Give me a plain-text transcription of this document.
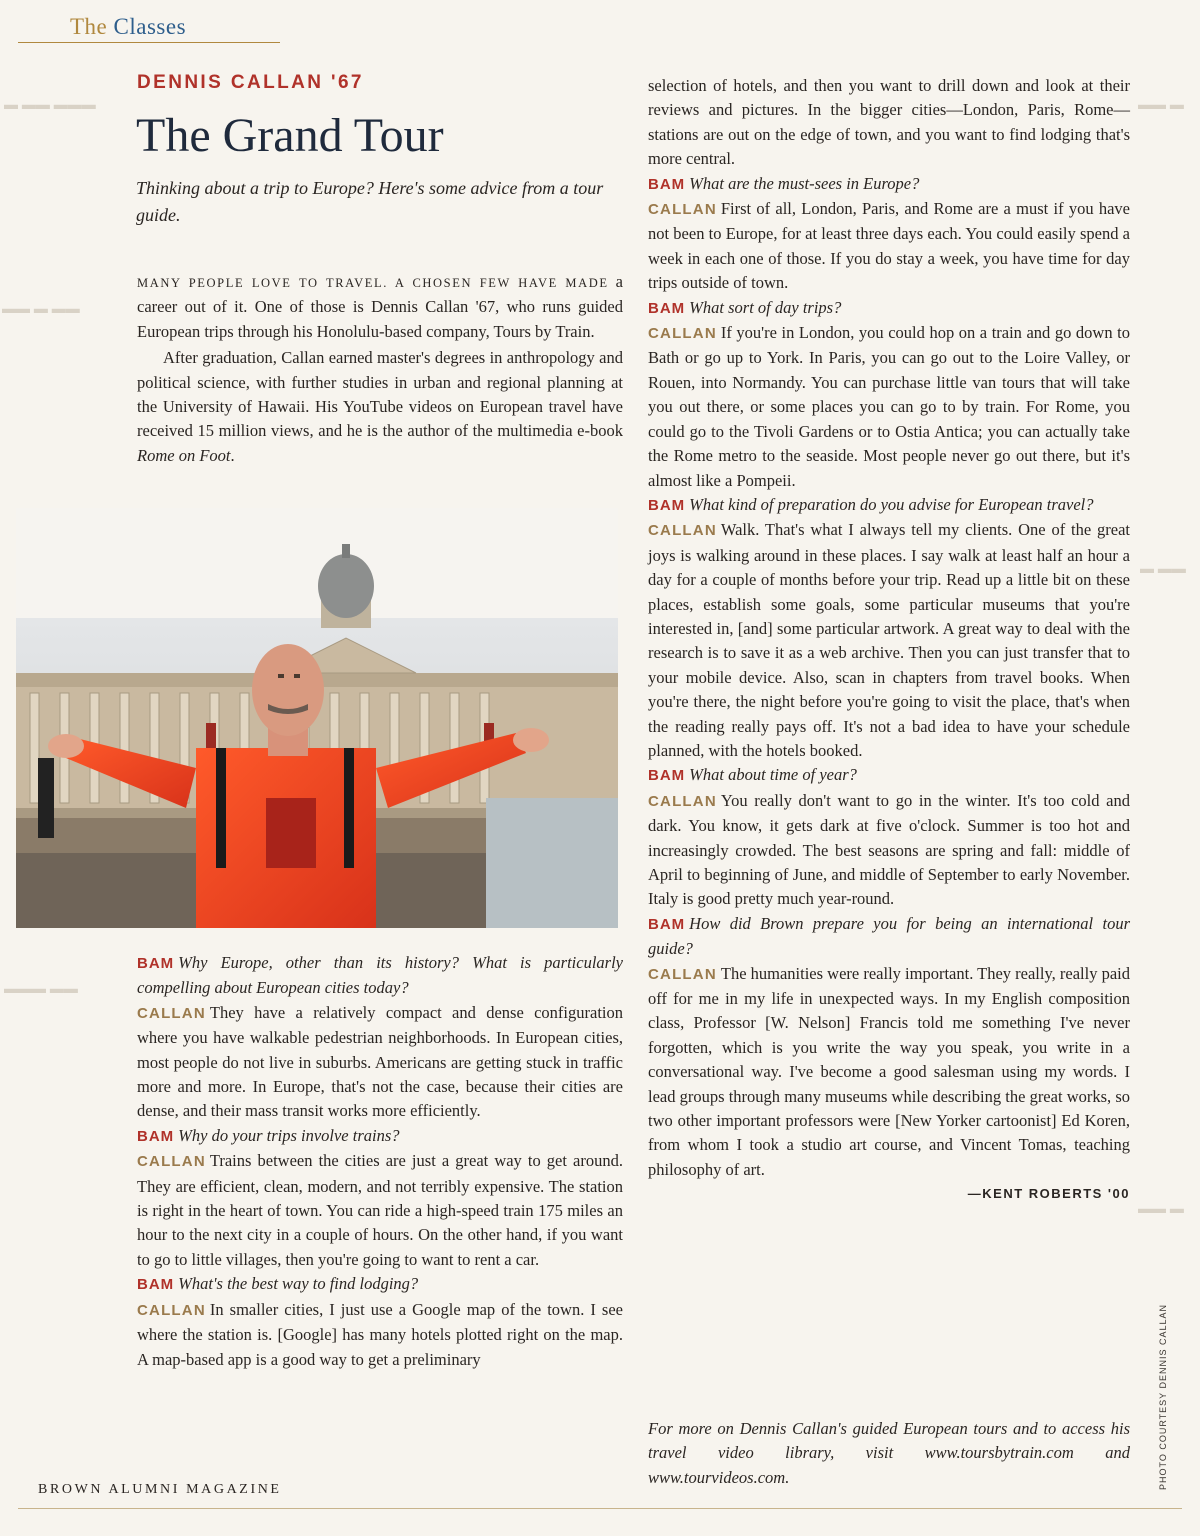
▬ ▬▬ ▬▬▬
▬▬ ▬ ▬▬
▬▬▬ ▬▬
▬▬ ▬
▬ ▬▬
▬▬ ▬
The Classes
DENNIS CALLAN '67
The Grand Tour

Thinking about a trip to Europe? Here's some advice from a tour guide.

MANY PEOPLE LOVE TO TRAVEL. A CHOSEN FEW HAVE MADE a career out of it. One of those is Dennis Callan '67, who runs guided European trips through his Honolulu-based company, Tours by Train.

After graduation, Callan earned master's degrees in anthropology and political science, with further studies in urban and regional planning at the University of Hawaii. His YouTube videos on European travel have received 15 million views, and he is the author of the multimedia e-book Rome on Foot.

BAM Why Europe, other than its history? What is particularly compelling about European cities today?
CALLAN They have a relatively compact and dense configuration where you have walkable pedestrian neighborhoods. In European cities, most people do not live in suburbs. Americans are getting stuck in traffic more and more. In Europe, that's not the case, because their cities are dense, and their mass transit works more efficiently.

BAM Why do your trips involve trains?
CALLAN Trains between the cities are just a great way to get around. They are efficient, clean, modern, and not terribly expensive. The station is right in the heart of town. You can ride a high-speed train 175 miles an hour to the next city in a couple of hours. On the other hand, if you want to go to little villages, then you're going to want to rent a car.

BAM What's the best way to find lodging?
CALLAN In smaller cities, I just use a Google map of the town. I see where the station is. [Google] has many hotels plotted right on the map. A map-based app is a good way to get a preliminary

selection of hotels, and then you want to drill down and look at their reviews and pictures. In the bigger cities—London, Paris, Rome—stations are out on the edge of town, and you want to find lodging that's more central.

BAM What are the must-sees in Europe?
CALLAN First of all, London, Paris, and Rome are a must if you have not been to Europe, for at least three days each. You could easily spend a week in each one of those. If you do stay a week, you have time for day trips outside of town.

BAM What sort of day trips?
CALLAN If you're in London, you could hop on a train and go down to Bath or go up to York. In Paris, you can go out to the Loire Valley, or Rouen, into Normandy. You can purchase little van tours that will take you out there, or some places you can go to by train. For Rome, you could go to the Tivoli Gardens or to Ostia Antica; you can actually take the Rome metro to the seaside. Most people never go out there, but it's almost like a Pompeii.

BAM What kind of preparation do you advise for European travel?
CALLAN Walk. That's what I always tell my clients. One of the great joys is walking around in these places. I say walk at least half an hour a day for a couple of months before your trip. Read up a little bit on these places, establish some goals, some particular museums that you're interested in, [and] some particular artwork. A great way to deal with the research is to save it as a web archive. Then you can just transfer that to your mobile device. Also, scan in chapters from travel books. When you're there, the night before you're going to visit the place, that's when the reading really pays off. It's not a bad idea to have your schedule planned, with the hotels booked.

BAM What about time of year?
CALLAN You really don't want to go in the winter. It's too cold and dark. You know, it gets dark at five o'clock. Summer is too hot and increasingly crowded. The best seasons are spring and fall: middle of April to beginning of June, and middle of September to early November. Italy is good pretty much year-round.

BAM How did Brown prepare you for being an international tour guide?
CALLAN The humanities were really important. They really, really paid off for me in my life in unexpected ways. In my English composition class, Professor [W. Nelson] Francis told me something I've never forgotten, which is you write the way you speak, you write in a conversational way. I've become a good salesman using my words. I lead groups through many museums while describing the great works, so two other important professors were [New Yorker cartoonist] Ed Koren, from whom I took a studio art course, and Vincent Tomas, teaching philosophy of art.

—KENT ROBERTS '00

For more on Dennis Callan's guided European tours and to access his travel video library, visit www.toursbytrain.com and www.tourvideos.com.	PHOTO COURTESY DENNIS CALLAN
BROWN ALUMNI MAGAZINE
